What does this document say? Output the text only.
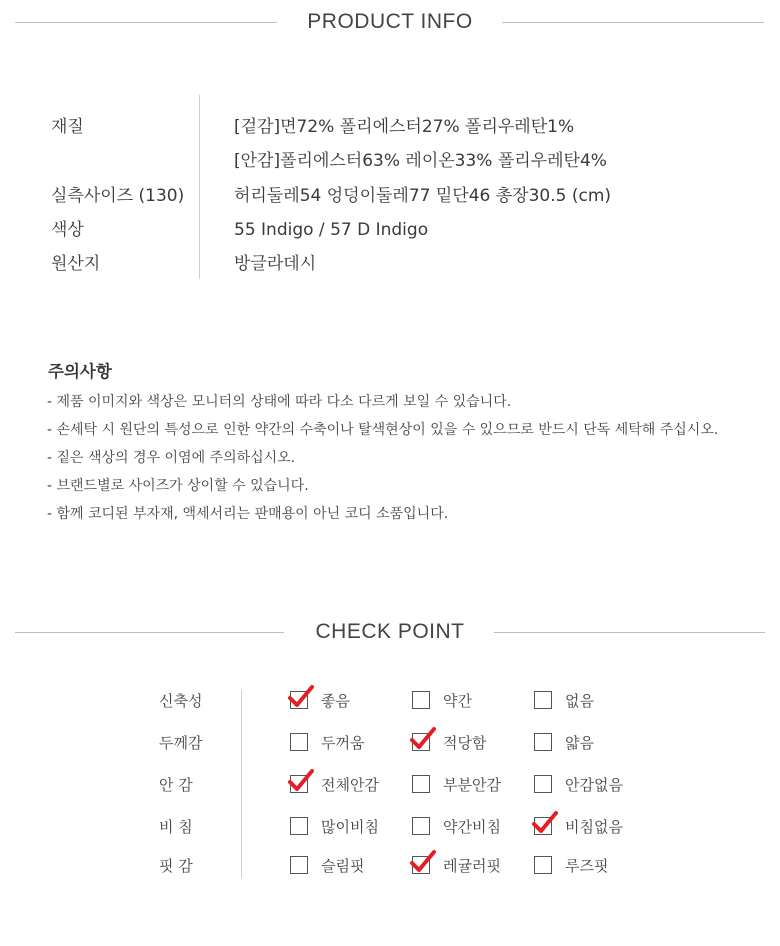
PRODUCT INFO
재질	[겉감]면72% 폴리에스터27% 폴리우레탄1%
[안감]폴리에스터63% 레이온33% 폴리우레탄4%
실측사이즈 (130)	허리둘레54 엉덩이둘레77 밑단46 총장30.5 (cm)
색상	55 Indigo / 57 D Indigo
원산지	방글라데시
주의사항
- 제품 이미지와 색상은 모니터의 상태에 따라 다소 다르게 보일 수 있습니다.
- 손세탁 시 원단의 특성으로 인한 약간의 수축이나 탈색현상이 있을 수 있으므로 반드시 단독 세탁해 주십시오.
- 짙은 색상의 경우 이염에 주의하십시오.
- 브랜드별로 사이즈가 상이할 수 있습니다.
- 함께 코디된 부자재, 액세서리는 판매용이 아닌 코디 소품입니다.
CHECK POINT
신축성	좋음	약간	없음
두께감	두꺼움	적당함	얇음
안 감	전체안감	부분안감	안감없음
비 침	많이비침	약간비침	비침없음
핏 감	슬림핏	레귤러핏	루즈핏
